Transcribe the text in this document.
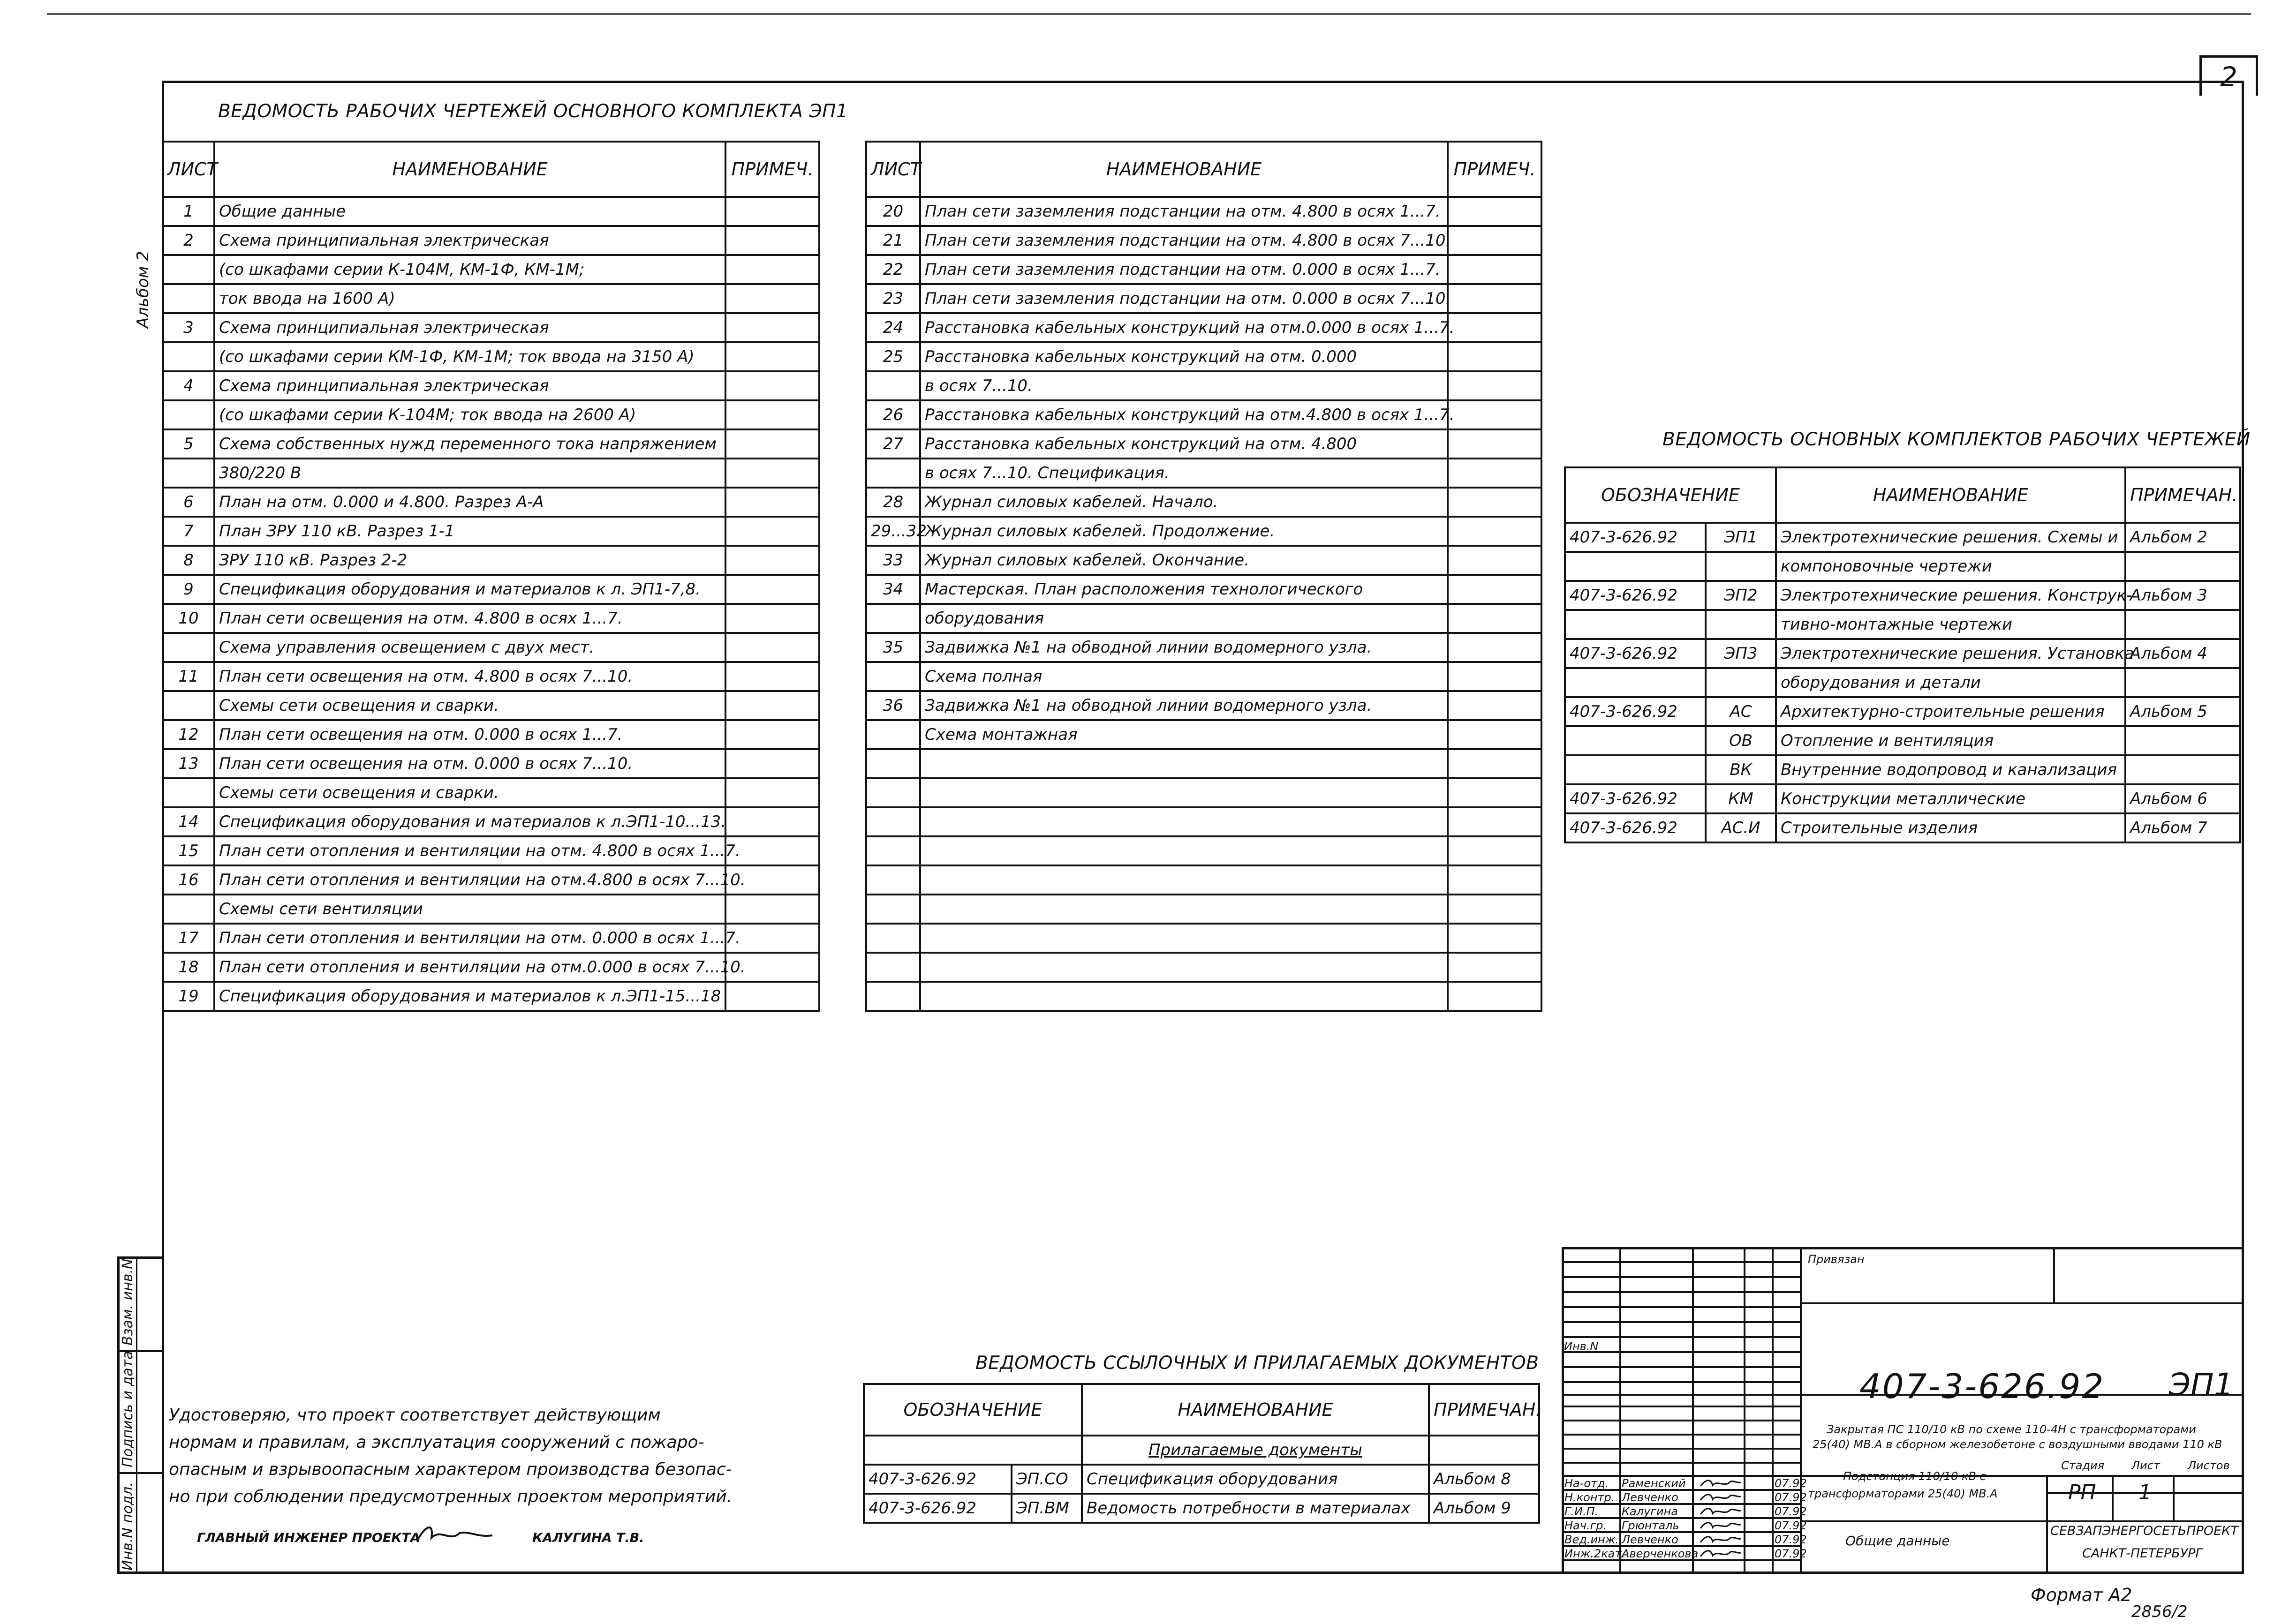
2
Альбом 2
ВЕДОМОСТЬ РАБОЧИХ ЧЕРТЕЖЕЙ ОСНОВНОГО КОМПЛЕКТА ЭП1
ЛИСТ	НАИМЕНОВАНИЕ	ПРИМЕЧ.
1	Общие данные	
2	Схема принципиальная электрическая	
	(со шкафами серии К-104М, КМ-1Ф, КМ-1М;	
	ток ввода на 1600 А)	
3	Схема принципиальная электрическая	
	(со шкафами серии КМ-1Ф, КМ-1М; ток ввода на 3150 А)	
4	Схема принципиальная электрическая	
	(со шкафами серии К-104М; ток ввода на 2600 А)	
5	Схема собственных нужд переменного тока напряжением	
	380/220 В	
6	План на отм. 0.000 и 4.800. Разрез А-А	
7	План ЗРУ 110 кВ. Разрез 1-1	
8	ЗРУ 110 кВ. Разрез 2-2	
9	Спецификация оборудования и материалов к л. ЭП1-7,8.	
10	План сети освещения на отм. 4.800 в осях 1...7.	
	Схема управления освещением с двух мест.	
11	План сети освещения на отм. 4.800 в осях 7...10.	
	Схемы сети освещения и сварки.	
12	План сети освещения на отм. 0.000 в осях 1...7.	
13	План сети освещения на отм. 0.000 в осях 7...10.	
	Схемы сети освещения и сварки.	
14	Спецификация оборудования и материалов к л.ЭП1-10...13.	
15	План сети отопления и вентиляции на отм. 4.800 в осях 1...7.	
16	План сети отопления и вентиляции на отм.4.800 в осях 7...10.	
	Схемы сети вентиляции	
17	План сети отопления и вентиляции на отм. 0.000 в осях 1...7.	
18	План сети отопления и вентиляции на отм.0.000 в осях 7...10.	
19	Спецификация оборудования и материалов к л.ЭП1-15...18	
ЛИСТ	НАИМЕНОВАНИЕ	ПРИМЕЧ.
20	План сети заземления подстанции на отм. 4.800 в осях 1...7.	
21	План сети заземления подстанции на отм. 4.800 в осях 7...10.	
22	План сети заземления подстанции на отм. 0.000 в осях 1...7.	
23	План сети заземления подстанции на отм. 0.000 в осях 7...10.	
24	Расстановка кабельных конструкций на отм.0.000 в осях 1...7.	
25	Расстановка кабельных конструкций на отм. 0.000	
	в осях 7...10.	
26	Расстановка кабельных конструкций на отм.4.800 в осях 1...7.	
27	Расстановка кабельных конструкций на отм. 4.800	
	в осях 7...10. Спецификация.	
28	Журнал силовых кабелей. Начало.	
29...32	Журнал силовых кабелей. Продолжение.	
33	Журнал силовых кабелей. Окончание.	
34	Мастерская. План расположения технологического	
	оборудования	
35	Задвижка №1 на обводной линии водомерного узла.	
	Схема полная	
36	Задвижка №1 на обводной линии водомерного узла.	
	Схема монтажная	

ВЕДОМОСТЬ ОСНОВНЫХ КОМПЛЕКТОВ РАБОЧИХ ЧЕРТЕЖЕЙ
ОБОЗНАЧЕНИЕ		НАИМЕНОВАНИЕ	ПРИМЕЧАН.
407-3-626.92	ЭП1	Электротехнические решения. Схемы и	Альбом 2
		компоновочные чертежи	
407-3-626.92	ЭП2	Электротехнические решения. Конструк-	Альбом 3
		тивно-монтажные чертежи	
407-3-626.92	ЭП3	Электротехнические решения. Установка	Альбом 4
		оборудования и детали	
407-3-626.92	АС	Архитектурно-строительные решения	Альбом 5
	ОВ	Отопление и вентиляция	
	ВК	Внутренние водопровод и канализация	
407-3-626.92	КМ	Конструкции металлические	Альбом 6
407-3-626.92	АС.И	Строительные изделия	Альбом 7
ВЕДОМОСТЬ ССЫЛОЧНЫХ И ПРИЛАГАЕМЫХ ДОКУМЕНТОВ
ОБОЗНАЧЕНИЕ		НАИМЕНОВАНИЕ	ПРИМЕЧАН.
		Прилагаемые документы	
407-3-626.92	ЭП.СО	Спецификация оборудования	Альбом 8
407-3-626.92	ЭП.ВМ	Ведомость потребности в материалах	Альбом 9
Взам. инв.N
Подпись и дата
Инв.N подл.
Удостоверяю, что проект соответствует действующим
нормам и правилам, а эксплуатация сооружений с пожаро-
опасным и взрывоопасным характером производства безопас-
но при соблюдении предусмотренных проектом мероприятий.
ГЛАВНЫЙ ИНЖЕНЕР ПРОЕКТА	КАЛУГИНА Т.В.
Привязан
Инв.N
407-3-626.92 ЭП1
Закрытая ПС 110/10 кВ по схеме 110-4Н с трансформаторами
25(40) МВ.А в сборном железобетоне с воздушными вводами 110 кВ
Подстанция 110/10 кВ с
трансформаторами 25(40) МВ.А
Общие данные
Стадия Лист Листов
РП 1
СЕВЗАПЭНЕРГОСЕТЬПРОЕКТ
САНКТ-ПЕТЕРБУРГ
На-отд. Раменский	07.92
Н.контр. Левченко	07.92
Г.И.П. Калугина	07.92
Нач.гр. Грюнталь	07.92
Вед.инж. Левченко	07.92
Инж.2кат.
Аверченкова	07.92
Формат А2
2856/2
